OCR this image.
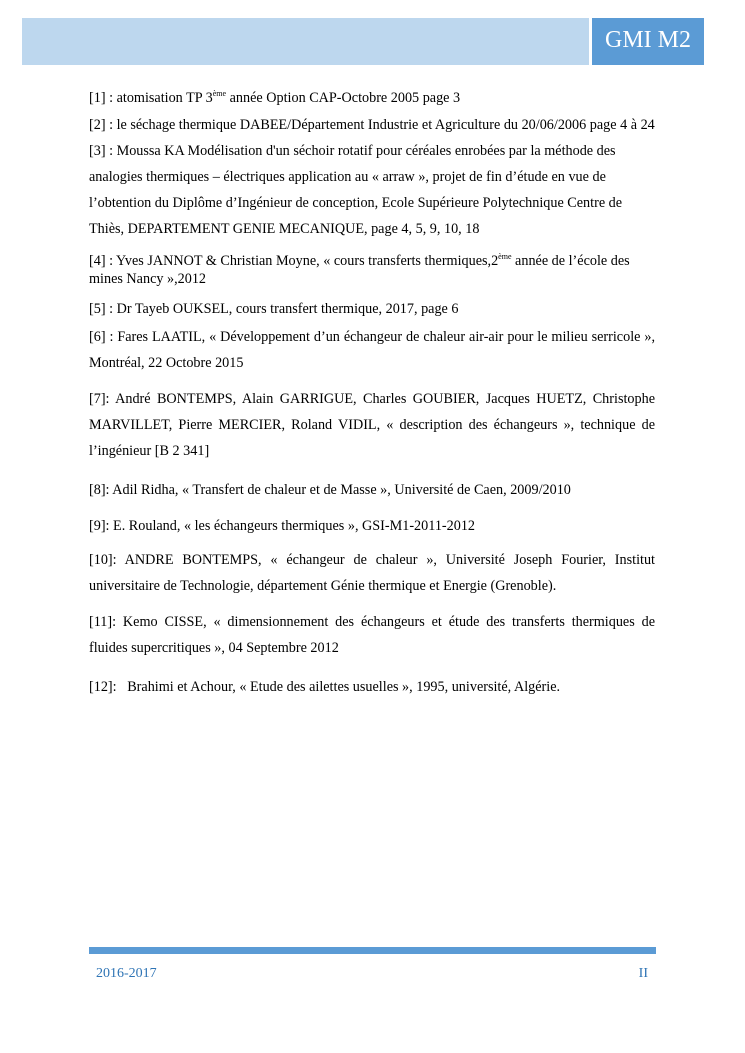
GMI M2

[1] : atomisation TP 3ème année Option CAP-Octobre 2005 page 3

[2] : le séchage thermique DABEE/Département Industrie et Agriculture du 20/06/2006 page 4 à 24

[3] : Moussa KA Modélisation d'un séchoir rotatif pour céréales enrobées par la méthode des analogies thermiques – électriques application au « arraw », projet de fin d’étude en vue de l’obtention du Diplôme d’Ingénieur de conception, Ecole Supérieure Polytechnique Centre de Thiès, DEPARTEMENT GENIE MECANIQUE, page 4, 5, 9, 10, 18

[4] : Yves JANNOT & Christian Moyne, « cours transferts thermiques,2ème année de l’école des mines Nancy »,2012

[5] : Dr Tayeb OUKSEL, cours transfert thermique, 2017, page 6

[6] : Fares LAATIL, « Développement d’un échangeur de chaleur air-air pour le milieu serricole », Montréal, 22 Octobre 2015

[7]: André BONTEMPS, Alain GARRIGUE, Charles GOUBIER, Jacques HUETZ, Christophe MARVILLET, Pierre MERCIER, Roland VIDIL, « description des échangeurs », technique de l’ingénieur [B 2 341]

[8]: Adil Ridha, « Transfert de chaleur et de Masse », Université de Caen, 2009/2010

[9]: E. Rouland, « les échangeurs thermiques », GSI-M1-2011-2012

[10]: ANDRE BONTEMPS, « échangeur de chaleur », Université Joseph Fourier, Institut universitaire de Technologie, département Génie thermique et Energie (Grenoble).

[11]: Kemo CISSE, « dimensionnement des échangeurs et étude des transferts thermiques de fluides supercritiques », 04 Septembre 2012

[12]:   Brahimi et Achour, « Etude des ailettes usuelles », 1995, université, Algérie.

2016-2017	II
